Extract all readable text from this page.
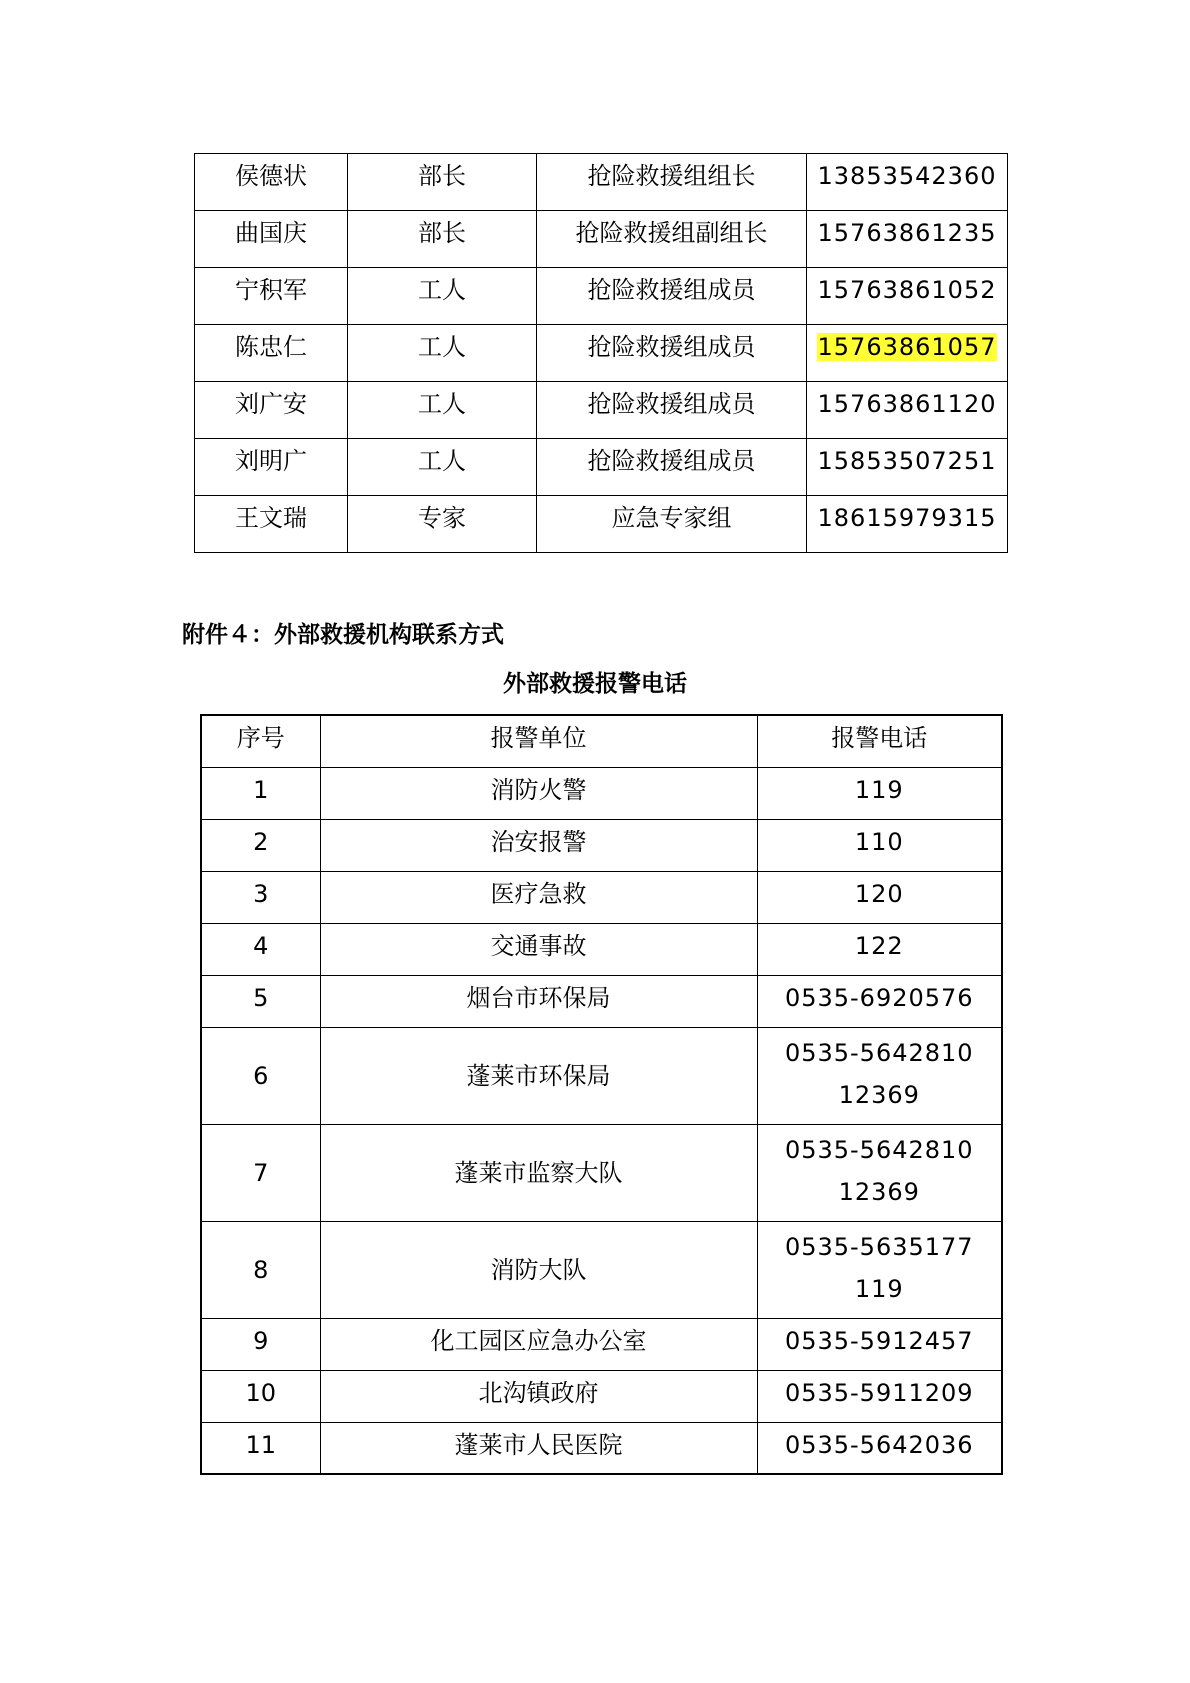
侯德状	部长	抢险救援组组长	13853542360
曲国庆	部长	抢险救援组副组长	15763861235
宁积军	工人	抢险救援组成员	15763861052
陈忠仁	工人	抢险救援组成员	15763861057
刘广安	工人	抢险救援组成员	15763861120
刘明广	工人	抢险救援组成员	15853507251
王文瑞	专家	应急专家组	18615979315
附件４：外部救援机构联系方式
外部救援报警电话
序号	报警单位	报警电话
1	消防火警	119
2	治安报警	110
3	医疗急救	120
4	交通事故	122
5	烟台市环保局	0535-6920576
6	蓬莱市环保局	0535-5642810
12369

7	蓬莱市监察大队	0535-5642810
12369

8	消防大队	0535-5635177
119

9	化工园区应急办公室	0535-5912457
10	北沟镇政府	0535-5911209
11	蓬莱市人民医院	0535-5642036
